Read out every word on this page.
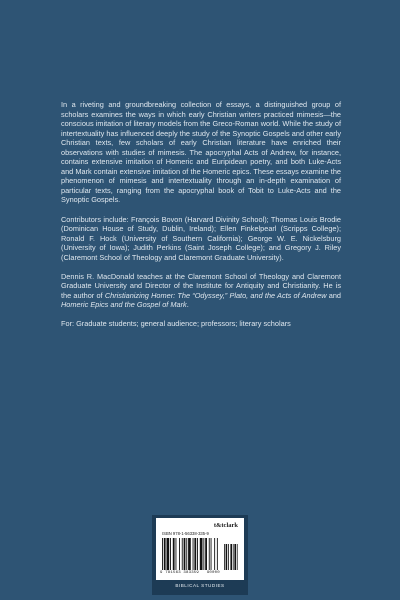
In a riveting and groundbreaking collection of essays, a distinguished group of scholars examines the ways in which early Christian writers practiced mimesis—the conscious imitation of literary models from the Greco-Roman world. While the study of intertextuality has influenced deeply the study of the Synoptic Gospels and other early Christian texts, few scholars of early Christian literature have enriched their observations with studies of mimesis. The apocryphal Acts of Andrew, for instance, contains extensive imitation of Homeric and Euripidean poetry, and both Luke-Acts and Mark contain extensive imitation of the Homeric epics. These essays examine the phenomenon of mimesis and intertextuality through an in-depth examination of particular texts, ranging from the apocryphal book of Tobit to Luke-Acts and the Synoptic Gospels.

Contributors include: François Bovon (Harvard Divinity School); Thomas Louis Brodie (Dominican House of Study, Dublin, Ireland); Ellen Finkelpearl (Scripps College); Ronald F. Hock (University of Southern California); George W. E. Nickelsburg (University of Iowa); Judith Perkins (Saint Joseph College); and Gregory J. Riley (Claremont School of Theology and Claremont Graduate University).

Dennis R. MacDonald teaches at the Claremont School of Theology and Claremont Graduate University and Director of the Institute for Antiquity and Christianity. He is the author of Christianizing Homer: The “Odyssey,” Plato, and the Acts of Andrew and Homeric Epics and the Gospel of Mark.

For: Graduate students; general audience; professors; literary scholars

t&tclark
ISBN 978-1-56338-335-9
9 781563 383359 90000
BIBLICAL STUDIES
